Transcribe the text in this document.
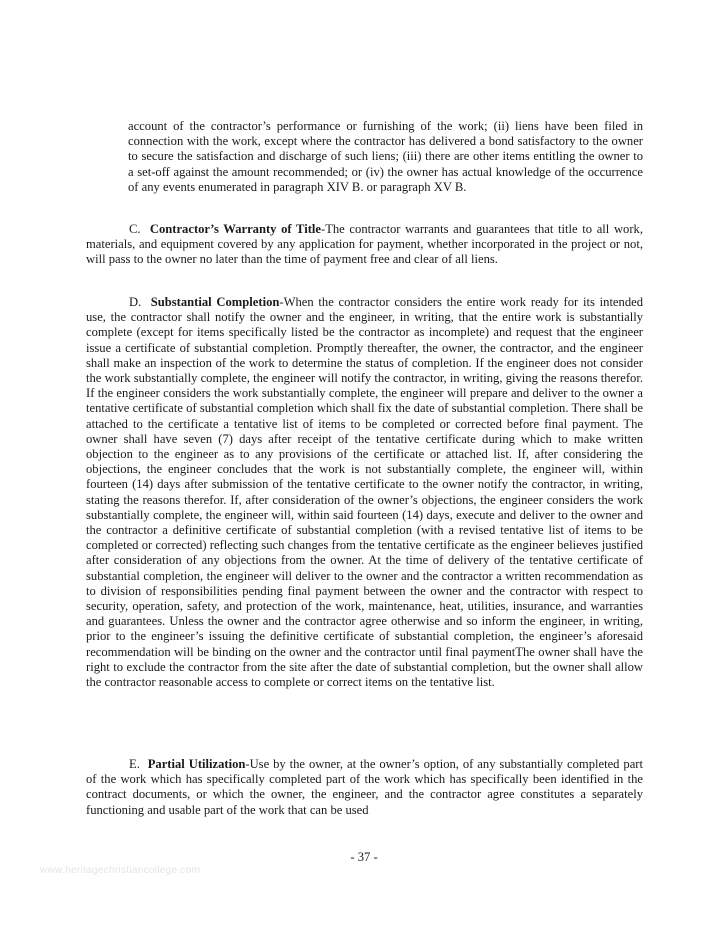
account of the contractor’s performance or furnishing of the work; (ii) liens have been filed in connection with the work, except where the contractor has delivered a bond satisfactory to the owner to secure the satisfaction and discharge of such liens; (iii) there are other items entitling the owner to a set-off against the amount recommended; or (iv) the owner has actual knowledge of the occurrence of any events enumerated in paragraph XIV B. or paragraph XV B.

C. Contractor’s Warranty of Title-The contractor warrants and guarantees that title to all work, materials, and equipment covered by any application for payment, whether incorporated in the project or not, will pass to the owner no later than the time of payment free and clear of all liens.

D. Substantial Completion-When the contractor considers the entire work ready for its intended use, the contractor shall notify the owner and the engineer, in writing, that the entire work is substantially complete (except for items specifically listed be the contractor as incomplete) and request that the engineer issue a certificate of substantial completion. Promptly thereafter, the owner, the contractor, and the engineer shall make an inspection of the work to determine the status of completion. If the engineer does not consider the work substantially complete, the engineer will notify the contractor, in writing, giving the reasons therefor. If the engineer considers the work substantially complete, the engineer will prepare and deliver to the owner a tentative certificate of substantial completion which shall fix the date of substantial completion. There shall be attached to the certificate a tentative list of items to be completed or corrected before final payment. The owner shall have seven (7) days after receipt of the tentative certificate during which to make written objection to the engineer as to any provisions of the certificate or attached list. If, after considering the objections, the engineer concludes that the work is not substantially complete, the engineer will, within fourteen (14) days after submission of the tentative certificate to the owner notify the contractor, in writing, stating the reasons therefor. If, after consideration of the owner’s objections, the engineer considers the work substantially complete, the engineer will, within said fourteen (14) days, execute and deliver to the owner and the contractor a definitive certificate of substantial completion (with a revised tentative list of items to be completed or corrected) reflecting such changes from the tentative certificate as the engineer believes justified after consideration of any objections from the owner. At the time of delivery of the tentative certificate of substantial completion, the engineer will deliver to the owner and the contractor a written recommendation as to division of responsibilities pending final payment between the owner and the contractor with respect to security, operation, safety, and protection of the work, maintenance, heat, utilities, insurance, and warranties and guarantees. Unless the owner and the contractor agree otherwise and so inform the engineer, in writing, prior to the engineer’s issuing the definitive certificate of substantial completion, the engineer’s aforesaid recommendation will be binding on the owner and the contractor until final paymentThe owner shall have the right to exclude the contractor from the site after the date of substantial completion, but the owner shall allow the contractor reasonable access to complete or correct items on the tentative list.

E. Partial Utilization-Use by the owner, at the owner’s option, of any substantially completed part of the work which has specifically completed part of the work which has specifically been identified in the contract documents, or which the owner, the engineer, and the contractor agree constitutes a separately functioning and usable part of the work that can be used

- 37 -

www.heritagechristiancollege.com
